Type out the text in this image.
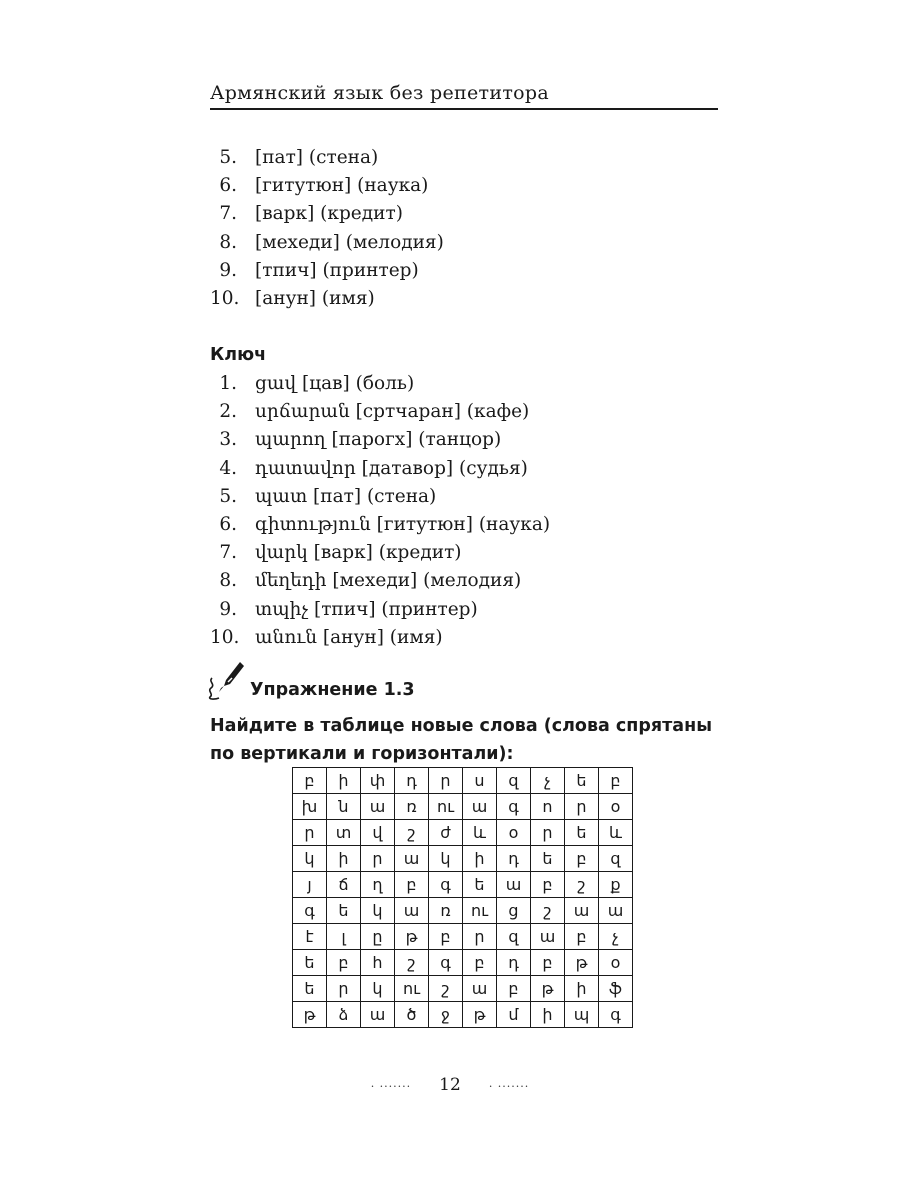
Армянский язык без репетитора
5. [пат] (стена)
6. [гитутюн] (наука)
7. [варк] (кредит)
8. [мехеди] (мелодия)
9. [тпич] (принтер)
10. [анун] (имя)
Ключ
1. ցավ [цав] (боль)
2. սրճարան [сртчаран] (кафе)
3. պարող [парогх] (танцор)
4. դատավոր [датавор] (судья)
5. պատ [пат] (стена)
6. գիտություն [гитутюн] (наука)
7. վարկ [варк] (кредит)
8. մեղեդի [мехеди] (мелодия)
9. տպիչ [тпич] (принтер)
10. անուն [анун] (имя)
Упражнение 1.3
Найдите в таблице новые слова (слова спрятаны по вертикали и горизонтали):
բ	ի	փ	դ	ր	ս	զ	չ	ե	բ
խ	ն	ա	ռ	ու	ա	գ	ո	ր	օ
ր	տ	վ	շ	ժ	և	օ	ր	ե	և
կ	ի	ր	ա	կ	ի	դ	ե	բ	զ
յ	ճ	ղ	բ	գ	ե	ա	բ	շ	ք
գ	ե	կ	ա	ռ	ու	ց	շ	ա	ա
է	լ	ը	թ	բ	ր	զ	ա	բ	չ
ե	բ	հ	շ	գ	բ	դ	բ	թ	օ
ե	ր	կ	ու	շ	ա	բ	թ	ի	ֆ
թ	ձ	ա	ծ	ջ	թ	մ	ի	պ	գ
. ....... 12	. .......
